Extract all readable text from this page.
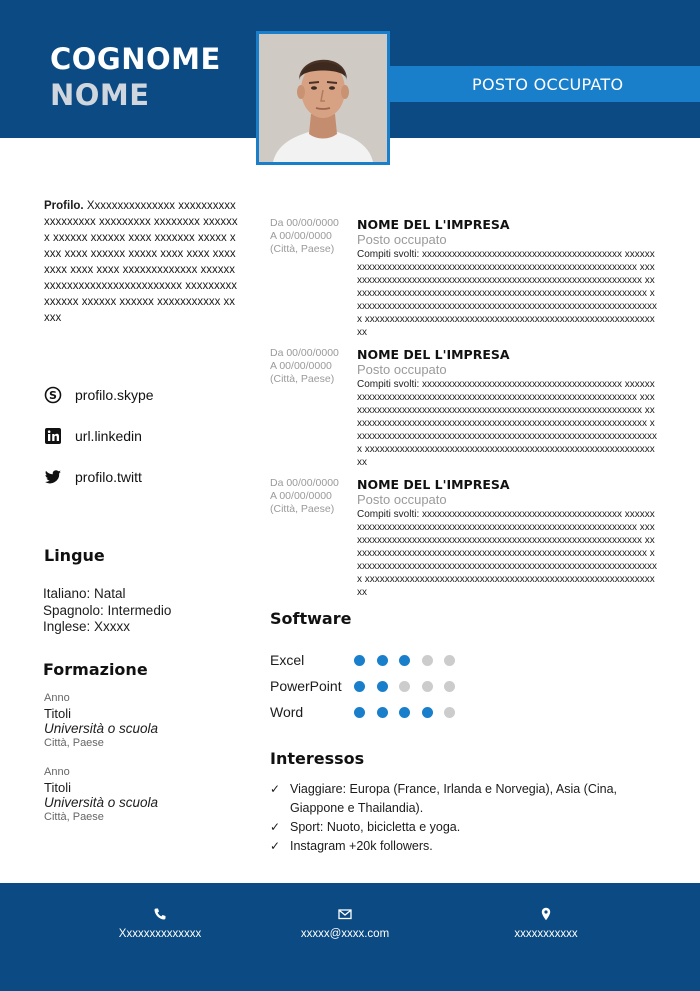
COGNOME
NOME	POSTO OCCUPATO
Profilo. Xxxxxxxxxxxxxxx xxxxxxxxxxxxxxxxxxx xxxxxxxxx xxxxxxxx xxxxxxx xxxxxx xxxxxx xxxx xxxxxxx xxxxx xxxx xxxx xxxxxx xxxxx xxxx xxxx xxxx xxxx xxxx xxxx xxxxxxxxxxxxx xxxxxxxxxxxxxxxxxxxxxxxxxxxxxx xxxxxxxxxxxxxxx xxxxxx xxxxxx xxxxxxxxxxx xxxxx
S profilo.skype
url.linkedin
profilo.twitt
Lingue
Italiano: Natal
Spagnolo: Intermedio
Inglese: Xxxxx
Formazione
Anno
Titoli
Università o scuola
Città, Paese
Anno
Titoli
Università o scuola
Città, Paese
Da 00/00/0000
A 00/00/0000
(Città, Paese)
NOME DEL L'IMPRESA
Posto occupato
Compiti svolti: xxxxxxxxxxxxxxxxxxxxxxxxxxxxxxxxxxxxxxxx xxxxxxxxxxxxxxxxxxxxxxxxxxxxxxxxxxxxxxxxxxxxxxxxxxxxxxxxxxxxxx xxxxxxxxxxxxxxxxxxxxxxxxxxxxxxxxxxxxxxxxxxxxxxxxxxxxxxxxxxxx xxxxxxxxxxxxxxxxxxxxxxxxxxxxxxxxxxxxxxxxxxxxxxxxxxxxxxxxxxxx xxxxxxxxxxxxxxxxxxxxxxxxxxxxxxxxxxxxxxxxxxxxxxxxxxxxxxxxxxxxxx xxxxxxxxxxxxxxxxxxxxxxxxxxxxxxxxxxxxxxxxxxxxxxxxxxxxxxxxxxxx
Da 00/00/0000
A 00/00/0000
(Città, Paese)
NOME DEL L'IMPRESA
Posto occupato
Compiti svolti: xxxxxxxxxxxxxxxxxxxxxxxxxxxxxxxxxxxxxxxx xxxxxxxxxxxxxxxxxxxxxxxxxxxxxxxxxxxxxxxxxxxxxxxxxxxxxxxxxxxxxx xxxxxxxxxxxxxxxxxxxxxxxxxxxxxxxxxxxxxxxxxxxxxxxxxxxxxxxxxxxx xxxxxxxxxxxxxxxxxxxxxxxxxxxxxxxxxxxxxxxxxxxxxxxxxxxxxxxxxxxx xxxxxxxxxxxxxxxxxxxxxxxxxxxxxxxxxxxxxxxxxxxxxxxxxxxxxxxxxxxxxx xxxxxxxxxxxxxxxxxxxxxxxxxxxxxxxxxxxxxxxxxxxxxxxxxxxxxxxxxxxx
Da 00/00/0000
A 00/00/0000
(Città, Paese)
NOME DEL L'IMPRESA
Posto occupato
Compiti svolti: xxxxxxxxxxxxxxxxxxxxxxxxxxxxxxxxxxxxxxxx xxxxxxxxxxxxxxxxxxxxxxxxxxxxxxxxxxxxxxxxxxxxxxxxxxxxxxxxxxxxxx xxxxxxxxxxxxxxxxxxxxxxxxxxxxxxxxxxxxxxxxxxxxxxxxxxxxxxxxxxxx xxxxxxxxxxxxxxxxxxxxxxxxxxxxxxxxxxxxxxxxxxxxxxxxxxxxxxxxxxxx xxxxxxxxxxxxxxxxxxxxxxxxxxxxxxxxxxxxxxxxxxxxxxxxxxxxxxxxxxxxxx xxxxxxxxxxxxxxxxxxxxxxxxxxxxxxxxxxxxxxxxxxxxxxxxxxxxxxxxxxxx
Software
Excel
PowerPoint
Word
Interessos
✓ Viaggiare: Europa (France, Irlanda e Norvegia), Asia (Cina, Giappone e Thailandia).
✓ Sport: Nuoto, bicicletta e yoga.
✓ Instagram +20k followers.
Xxxxxxxxxxxxxx	xxxxx@xxxx.com	xxxxxxxxxxx
